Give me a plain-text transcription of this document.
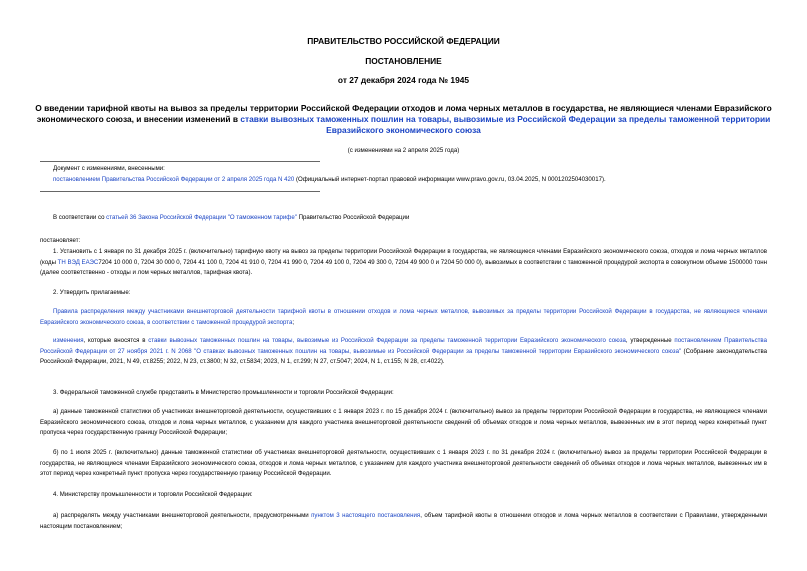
ПРАВИТЕЛЬСТВО РОССИЙСКОЙ ФЕДЕРАЦИИ
ПОСТАНОВЛЕНИЕ
от 27 декабря 2024 года № 1945
О введении тарифной квоты на вывоз за пределы территории Российской Федерации отходов и лома черных металлов в государства, не являющиеся членами Евразийского экономического союза, и внесении изменений в ставки вывозных таможенных пошлин на товары, вывозимые из Российской Федерации за пределы таможенной территории Евразийского экономического союза
(с изменениями на 2 апреля 2025 года)
Документ с изменениями, внесенными:
постановлением Правительства Российской Федерации от 2 апреля 2025 года N 420 (Официальный интернет-портал правовой информации www.pravo.gov.ru, 03.04.2025, N 0001202504030017).
В соответствии со статьей 36 Закона Российской Федерации "О таможенном тарифе" Правительство Российской Федерации
постановляет:
1. Установить с 1 января по 31 декабря 2025 г. (включительно) тарифную квоту на вывоз за пределы территории Российской Федерации в государства, не являющиеся членами Евразийского экономического союза, отходов и лома черных металлов (коды ТН ВЭД ЕАЭС7204 10 000 0, 7204 30 000 0, 7204 41 100 0, 7204 41 910 0, 7204 41 990 0, 7204 49 100 0, 7204 49 300 0, 7204 49 900 0 и 7204 50 000 0), вывозимых в соответствии с таможенной процедурой экспорта в совокупном объеме 1500000 тонн (далее соответственно - отходы и лом черных металлов, тарифная квота).
2. Утвердить прилагаемые:
Правила распределения между участниками внешнеторговой деятельности тарифной квоты в отношении отходов и лома черных металлов, вывозимых за пределы территории Российской Федерации в государства, не являющиеся членами Евразийского экономического союза, в соответствии с таможенной процедурой экспорта;
изменения, которые вносятся в ставки вывозных таможенных пошлин на товары, вывозимые из Российской Федерации за пределы таможенной территории Евразийского экономического союза, утвержденные постановлением Правительства Российской Федерации от 27 ноября 2021 г. N 2068 "О ставках вывозных таможенных пошлин на товары, вывозимые из Российской Федерации за пределы таможенной территории Евразийского экономического союза" (Собрание законодательства Российской Федерации, 2021, N 49, ст.8255; 2022, N 23, ст.3800; N 32, ст.5834; 2023, N 1, ст.299; N 27, ст.5047; 2024, N 1, ст.155; N 28, ст.4022).
3. Федеральной таможенной службе представить в Министерство промышленности и торговли Российской Федерации:
а) данные таможенной статистики об участниках внешнеторговой деятельности, осуществивших с 1 января 2023 г. по 15 декабря 2024 г. (включительно) вывоз за пределы территории Российской Федерации в государства, не являющиеся членами Евразийского экономического союза, отходов и лома черных металлов, с указанием для каждого участника внешнеторговой деятельности сведений об объемах отходов и лома черных металлов, вывезенных им в этот период через конкретный пункт пропуска через государственную границу Российской Федерации;
б) по 1 июля 2025 г. (включительно) данные таможенной статистики об участниках внешнеторговой деятельности, осуществивших с 1 января 2023 г. по 31 декабря 2024 г. (включительно) вывоз за пределы территории Российской Федерации в государства, не являющиеся членами Евразийского экономического союза, отходов и лома черных металлов, с указанием для каждого участника внешнеторговой деятельности сведений об объемах отходов и лома черных металлов, вывезенных им в этот период через конкретный пункт пропуска через государственную границу Российской Федерации.
4. Министерству промышленности и торговли Российской Федерации:
а) распределять между участниками внешнеторговой деятельности, предусмотренными пунктом 3 настоящего постановления, объем тарифной квоты в отношении отходов и лома черных металлов в соответствии с Правилами, утвержденными настоящим постановлением;
